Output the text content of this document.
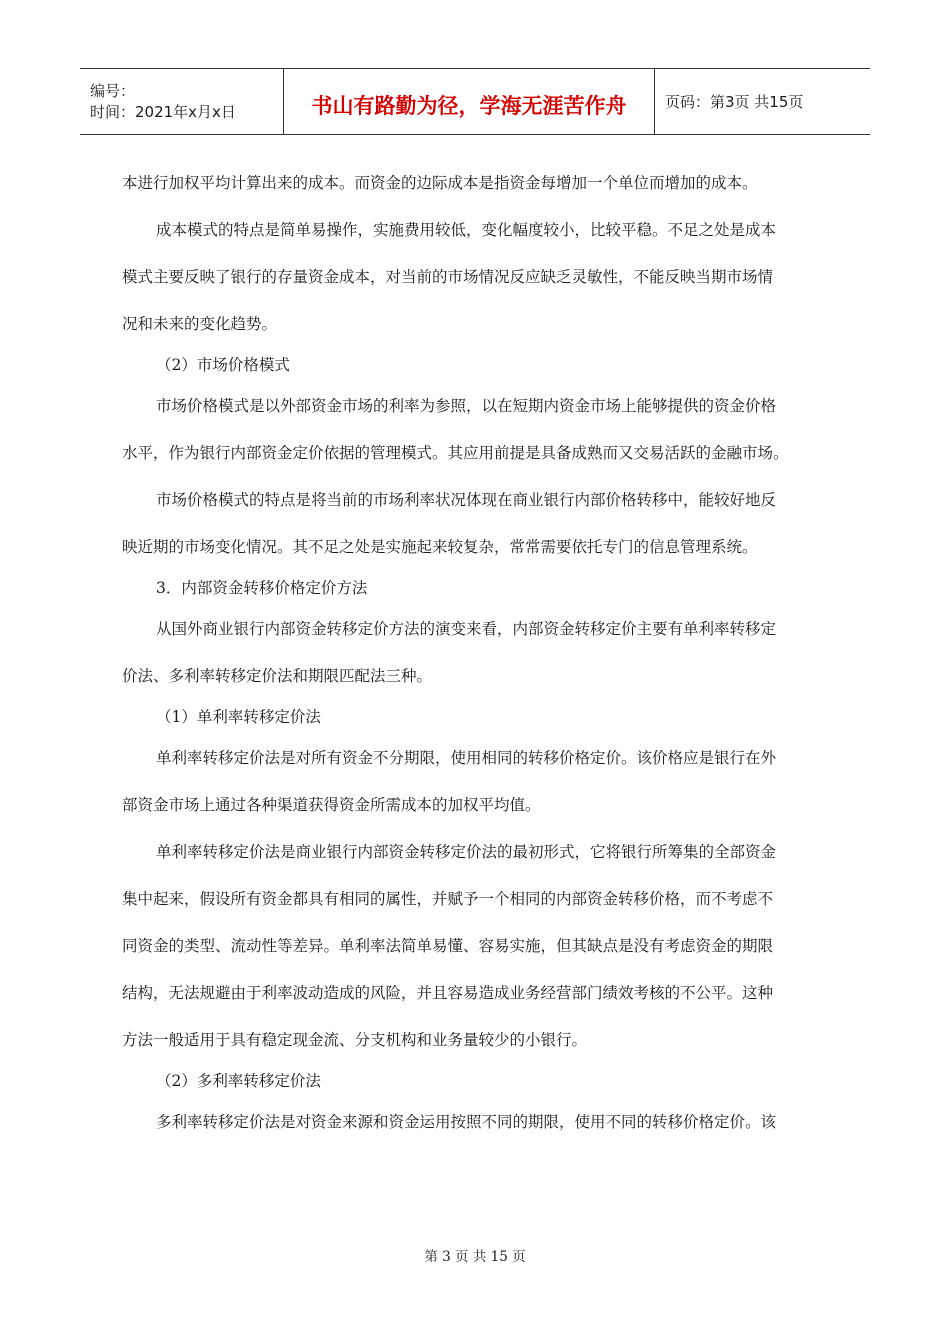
编号：
时间：2021年x月x日	书山有路勤为径，学海无涯苦作舟	页码：第3页 共15页
本进行加权平均计算出来的成本。而资金的边际成本是指资金每增加一个单位而增加的成本。
成本模式的特点是简单易操作，实施费用较低，变化幅度较小，比较平稳。不足之处是成本
模式主要反映了银行的存量资金成本，对当前的市场情况反应缺乏灵敏性，不能反映当期市场情
况和未来的变化趋势。
（2）市场价格模式
市场价格模式是以外部资金市场的利率为参照，以在短期内资金市场上能够提供的资金价格
水平，作为银行内部资金定价依据的管理模式。其应用前提是具备成熟而又交易活跃的金融市场。
市场价格模式的特点是将当前的市场利率状况体现在商业银行内部价格转移中，能较好地反
映近期的市场变化情况。其不足之处是实施起来较复杂，常常需要依托专门的信息管理系统。
3．内部资金转移价格定价方法
从国外商业银行内部资金转移定价方法的演变来看，内部资金转移定价主要有单利率转移定
价法、多利率转移定价法和期限匹配法三种。
（1）单利率转移定价法
单利率转移定价法是对所有资金不分期限，使用相同的转移价格定价。该价格应是银行在外
部资金市场上通过各种渠道获得资金所需成本的加权平均值。
单利率转移定价法是商业银行内部资金转移定价法的最初形式，它将银行所筹集的全部资金
集中起来，假设所有资金都具有相同的属性，并赋予一个相同的内部资金转移价格，而不考虑不
同资金的类型、流动性等差异。单利率法简单易懂、容易实施，但其缺点是没有考虑资金的期限
结构，无法规避由于利率波动造成的风险，并且容易造成业务经营部门绩效考核的不公平。这种
方法一般适用于具有稳定现金流、分支机构和业务量较少的小银行。
（2）多利率转移定价法
多利率转移定价法是对资金来源和资金运用按照不同的期限，使用不同的转移价格定价。该
第 3 页 共 15 页
